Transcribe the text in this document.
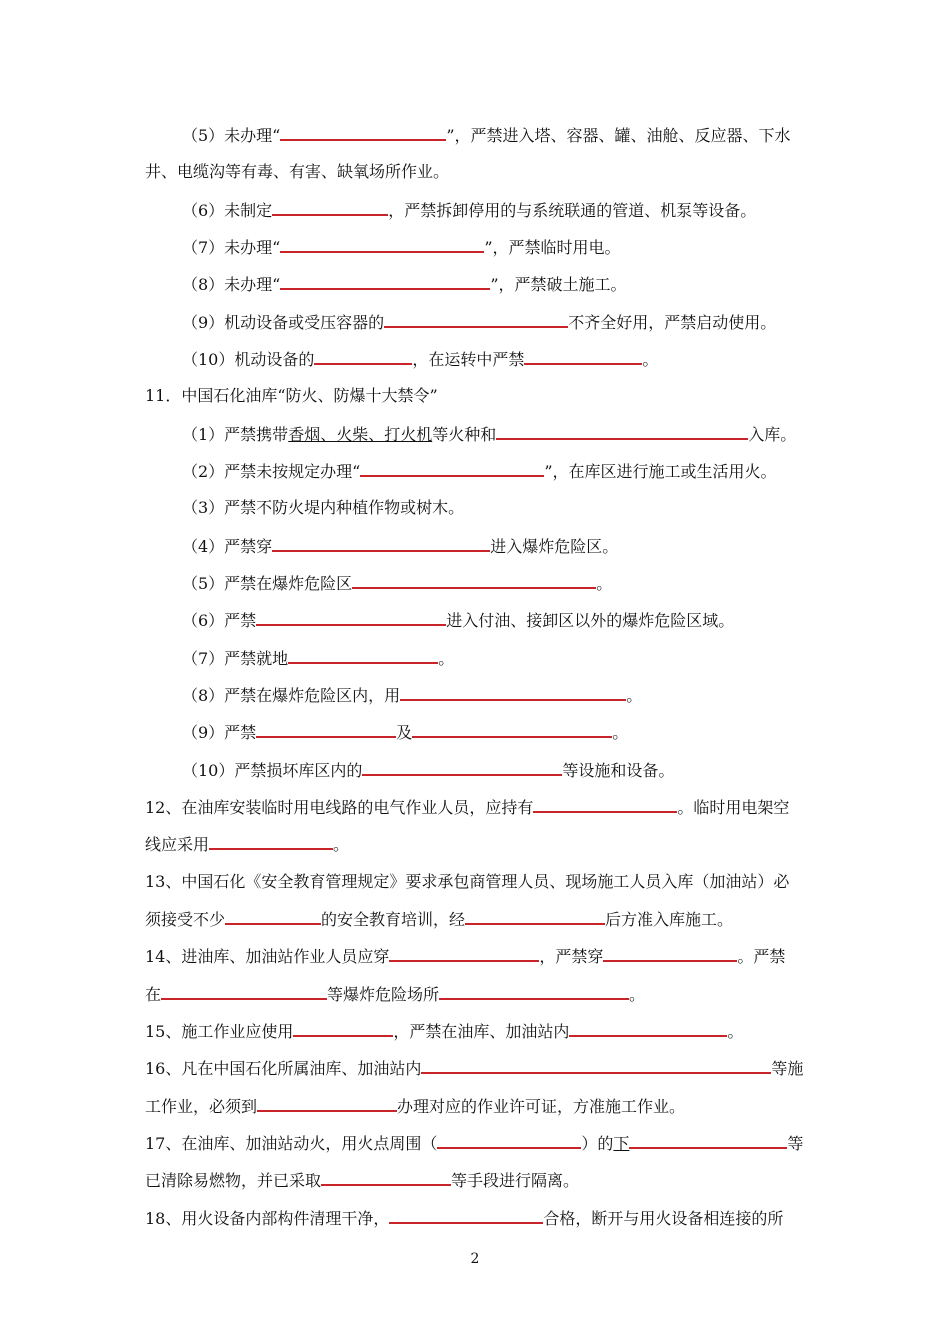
（5）未办理“	”，严禁进入塔、容器、罐、油舱、反应器、下水
井、电缆沟等有毒、有害、缺氧场所作业。
（6）未制定	，严禁拆卸停用的与系统联通的管道、机泵等设备。
（7）未办理“	”，严禁临时用电。
（8）未办理“	”，严禁破土施工。
（9）机动设备或受压容器的	不齐全好用，严禁启动使用。
（10）机动设备的	，在运转中严禁	。
11．中国石化油库“防火、防爆十大禁令”
（1）严禁携带香烟、火柴、打火机等火种和	入库。
（2）严禁未按规定办理“	”，在库区进行施工或生活用火。
（3）严禁不防火堤内种植作物或树木。
（4）严禁穿	进入爆炸危险区。
（5）严禁在爆炸危险区	。
（6）严禁	进入付油、接卸区以外的爆炸危险区域。
（7）严禁就地	。
（8）严禁在爆炸危险区内，用	。
（9）严禁	及	。
（10）严禁损坏库区内的	等设施和设备。
12、在油库安装临时用电线路的电气作业人员，应持有	。临时用电架空
线应采用	。
13、中国石化《安全教育管理规定》要求承包商管理人员、现场施工人员入库（加油站）必
须接受不少	的安全教育培训，经	后方准入库施工。
14、进油库、加油站作业人员应穿	，严禁穿	。严禁
在	等爆炸危险场所	。
15、施工作业应使用	，严禁在油库、加油站内	。
16、凡在中国石化所属油库、加油站内	等施
工作业，必须到	办理对应的作业许可证，方准施工作业。
17、在油库、加油站动火，用火点周围（	）的下	等
已清除易燃物，并已采取	等手段进行隔离。
18、用火设备内部构件清理干净，	合格，断开与用火设备相连接的所
2
